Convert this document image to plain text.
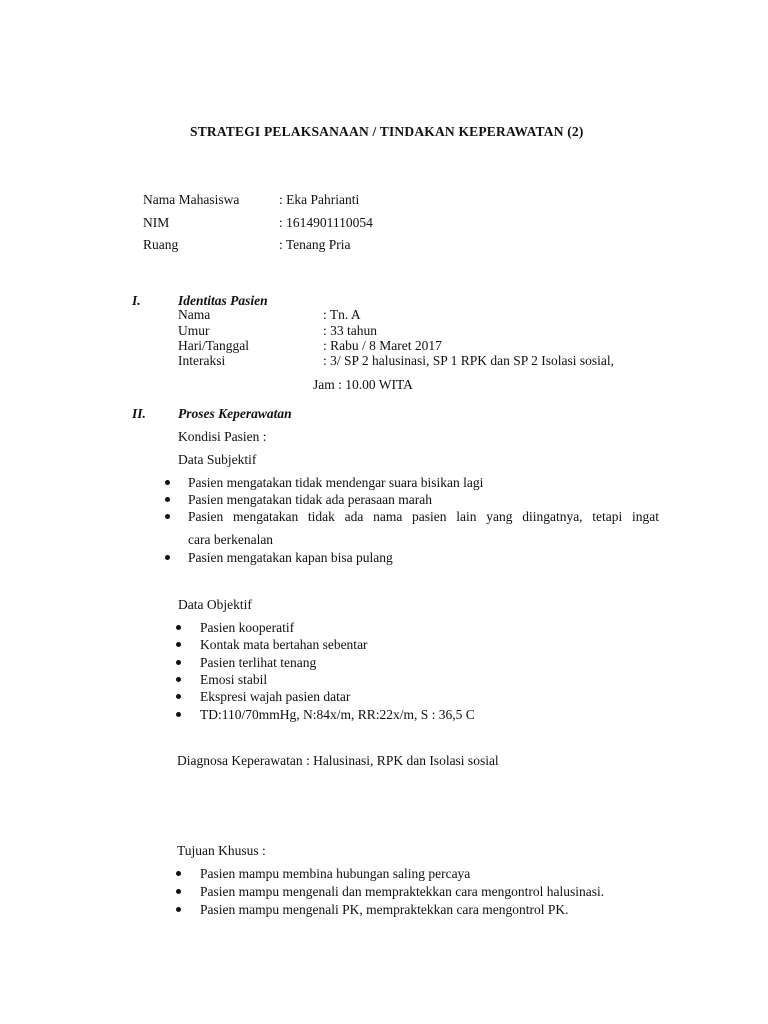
STRATEGI PELAKSANAAN / TINDAKAN KEPERAWATAN (2)
Nama Mahasiswa	: Eka Pahrianti
NIM	: 1614901110054
Ruang	: Tenang Pria
I.	Identitas Pasien
Nama	: Tn. A
Umur	: 33 tahun
Hari/Tanggal	: Rabu / 8 Maret 2017
Interaksi	: 3/ SP 2 halusinasi, SP 1 RPK dan SP 2 Isolasi sosial,
Jam : 10.00 WITA
II. Proses Keperawatan
Kondisi Pasien :
Data Subjektif
Pasien mengatakan tidak mendengar suara bisikan lagi
Pasien mengatakan tidak ada perasaan marah
Pasien mengatakan tidak ada nama pasien lain yang diingatnya, tetapi ingat
cara berkenalan
Pasien mengatakan kapan bisa pulang
Data Objektif
Pasien kooperatif
Kontak mata bertahan sebentar
Pasien terlihat tenang
Emosi stabil
Ekspresi wajah pasien datar
TD:110/70mmHg, N:84x/m, RR:22x/m, S : 36,5 C
Diagnosa Keperawatan : Halusinasi, RPK dan Isolasi sosial
Tujuan Khusus :
Pasien mampu membina hubungan saling percaya
Pasien mampu mengenali dan mempraktekkan cara mengontrol halusinasi.
Pasien mampu mengenali PK, mempraktekkan cara mengontrol PK.
